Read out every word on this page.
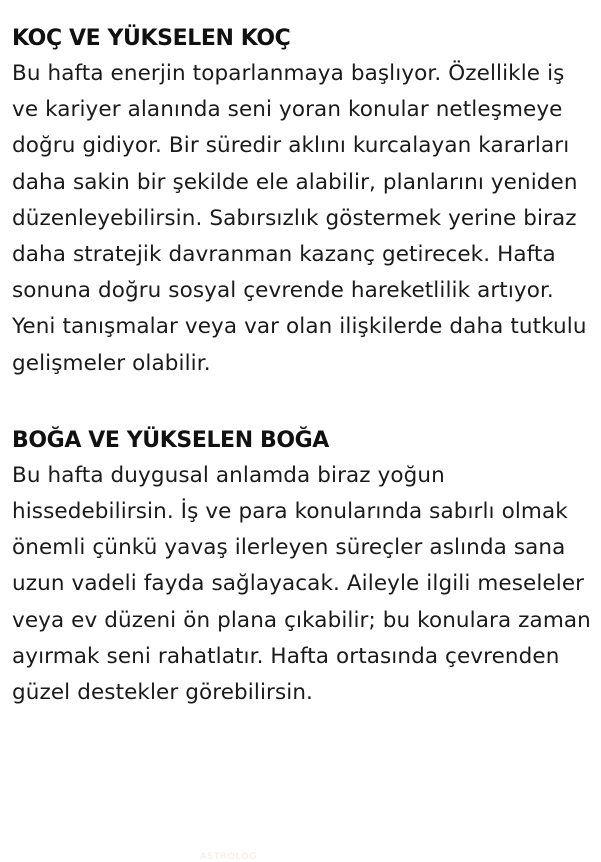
KOÇ VE YÜKSELEN KOÇ

Bu hafta enerjin toparlanmaya başlıyor. Özellikle iş ve kariyer alanında seni yoran konular netleşmeye doğru gidiyor. Bir süredir aklını kurcalayan kararları daha sakin bir şekilde ele alabilir, planlarını yeniden düzenleyebilirsin. Sabırsızlık göstermek yerine biraz daha stratejik davranman kazanç getirecek. Hafta sonuna doğru sosyal çevrende hareketlilik artıyor. Yeni tanışmalar veya var olan ilişkilerde daha tutkulu gelişmeler olabilir.

BOĞA VE YÜKSELEN BOĞA

Bu hafta duygusal anlamda biraz yoğun hissedebilirsin. İş ve para konularında sabırlı olmak önemli çünkü yavaş ilerleyen süreçler aslında sana uzun vadeli fayda sağlayacak. Aileyle ilgili meseleler veya ev düzeni ön plana çıkabilir; bu konulara zaman ayırmak seni rahatlatır. Hafta ortasında çevrenden güzel destekler görebilirsin.

ASTROLOG
